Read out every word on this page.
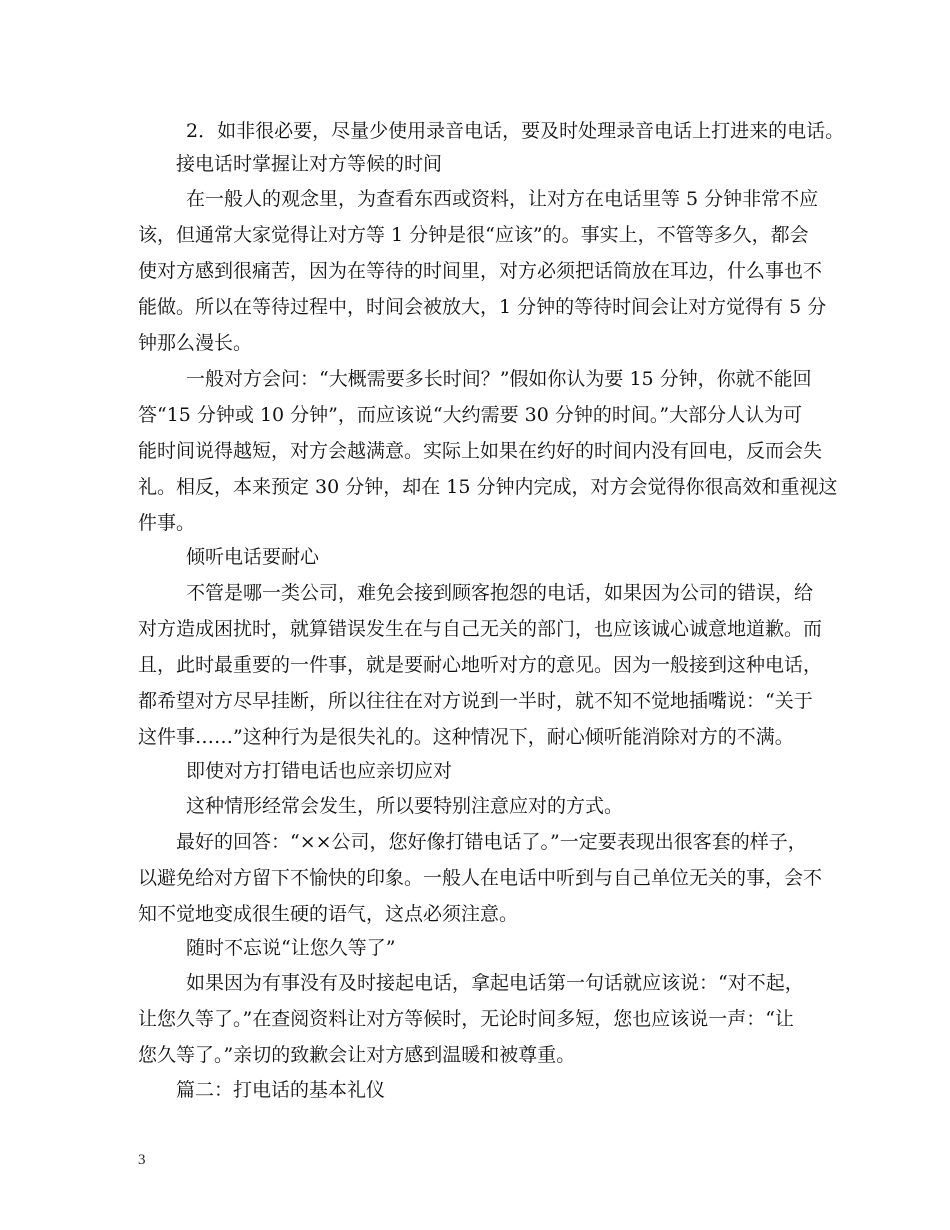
2．如非很必要，尽量少使用录音电话，要及时处理录音电话上打进来的电话。
接电话时掌握让对方等候的时间
在一般人的观念里，为查看东西或资料，让对方在电话里等 5 分钟非常不应
该，但通常大家觉得让对方等 1 分钟是很“应该”的。事实上，不管等多久，都会
使对方感到很痛苦，因为在等待的时间里，对方必须把话筒放在耳边，什么事也不
能做。所以在等待过程中，时间会被放大，1 分钟的等待时间会让对方觉得有 5 分
钟那么漫长。
一般对方会问：“大概需要多长时间？”假如你认为要 15 分钟，你就不能回
答“15 分钟或 10 分钟”，而应该说“大约需要 30 分钟的时间。”大部分人认为可
能时间说得越短，对方会越满意。实际上如果在约好的时间内没有回电，反而会失
礼。相反，本来预定 30 分钟，却在 15 分钟内完成，对方会觉得你很高效和重视这
件事。
倾听电话要耐心
不管是哪一类公司，难免会接到顾客抱怨的电话，如果因为公司的错误，给
对方造成困扰时，就算错误发生在与自己无关的部门，也应该诚心诚意地道歉。而
且，此时最重要的一件事，就是要耐心地听对方的意见。因为一般接到这种电话，
都希望对方尽早挂断，所以往往在对方说到一半时，就不知不觉地插嘴说：“关于
这件事……”这种行为是很失礼的。这种情况下，耐心倾听能消除对方的不满。
即使对方打错电话也应亲切应对
这种情形经常会发生，所以要特别注意应对的方式。
最好的回答：“××公司，您好像打错电话了。”一定要表现出很客套的样子，
以避免给对方留下不愉快的印象。一般人在电话中听到与自己单位无关的事，会不
知不觉地变成很生硬的语气，这点必须注意。
随时不忘说“让您久等了”
如果因为有事没有及时接起电话，拿起电话第一句话就应该说：“对不起，
让您久等了。”在查阅资料让对方等候时，无论时间多短，您也应该说一声：“让
您久等了。”亲切的致歉会让对方感到温暖和被尊重。
篇二：打电话的基本礼仪
3
